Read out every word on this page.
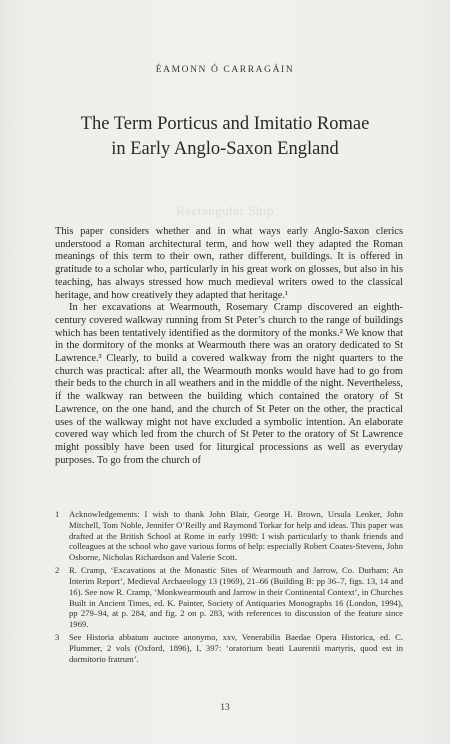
ÉAMONN Ó CARRAGÁIN
The Term Porticus and Imitatio Romae
in Early Anglo-Saxon England
Rectangular Ship

This paper considers whether and in what ways early Anglo-Saxon clerics understood a Roman architectural term, and how well they adapted the Roman meanings of this term to their own, rather different, buildings. It is offered in gratitude to a scholar who, particularly in his great work on glosses, but also in his teaching, has always stressed how much medieval writers owed to the classical heritage, and how creatively they adapted that heritage.¹

In her excavations at Wearmouth, Rosemary Cramp discovered an eighth-century covered walkway running from St Peter’s church to the range of buildings which has been tentatively identified as the dormitory of the monks.² We know that in the dormitory of the monks at Wearmouth there was an oratory dedicated to St Lawrence.³ Clearly, to build a covered walkway from the night quarters to the church was practical: after all, the Wearmouth monks would have had to go from their beds to the church in all weathers and in the middle of the night. Nevertheless, if the walkway ran between the building which contained the oratory of St Lawrence, on the one hand, and the church of St Peter on the other, the practical uses of the walkway might not have excluded a symbolic intention. An elaborate covered way which led from the church of St Peter to the oratory of St Lawrence might possibly have been used for liturgical processions as well as everyday purposes. To go from the church of

1 Acknowledgements: I wish to thank John Blair, George H. Brown, Ursula Lenker, John Mitchell, Tom Noble, Jennifer O’Reilly and Raymond Torkar for help and ideas. This paper was drafted at the British School at Rome in early 1998: I wish particularly to thank friends and colleagues at the school who gave various forms of help: especially Robert Coates-Stevens, John Osborne, Nicholas Richardson and Valerie Scott.
2 R. Cramp, ‘Excavations at the Monastic Sites of Wearmouth and Jarrow, Co. Durham: An Interim Report’, Medieval Archaeology 13 (1969), 21–66 (Building B: pp 36–7, figs. 13, 14 and 16). See now R. Cramp, ‘Monkwearmouth and Jarrow in their Continental Context’, in Churches Built in Ancient Times, ed. K. Painter, Society of Antiquaries Monographs 16 (London, 1994), pp 279–94, at p. 284, and fig. 2 on p. 283, with references to discussion of the feature since 1969.
3 See Historia abbatum auctore anonymo, xxv, Venerabilis Baedae Opera Historica, ed. C. Plummer, 2 vols (Oxford, 1896), I, 397: ‘oratorium beati Laurentii martyris, quod est in dormitorio fratrum’.
13
